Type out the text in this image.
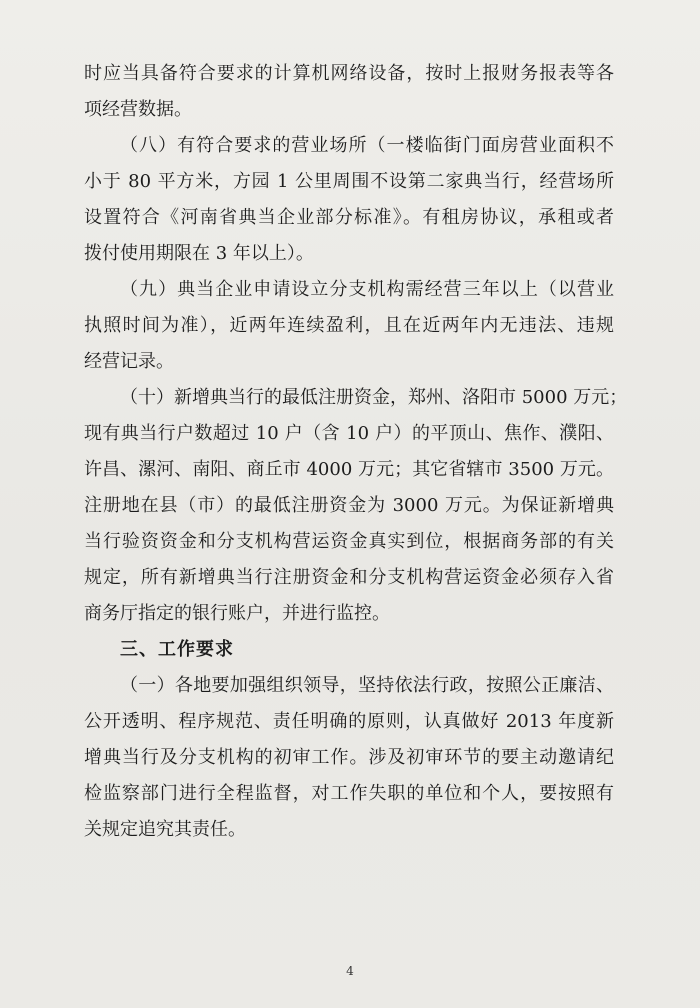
时应当具备符合要求的计算机网络设备，按时上报财务报表等各
项经营数据。
（八）有符合要求的营业场所（一楼临街门面房营业面积不
小于 80 平方米，方园 1 公里周围不设第二家典当行，经营场所
设置符合《河南省典当企业部分标准》。有租房协议，承租或者
拨付使用期限在 3 年以上）。
（九）典当企业申请设立分支机构需经营三年以上（以营业
执照时间为准），近两年连续盈利，且在近两年内无违法、违规
经营记录。
（十）新增典当行的最低注册资金，郑州、洛阳市 5000 万元；
现有典当行户数超过 10 户（含 10 户）的平顶山、焦作、濮阳、
许昌、漯河、南阳、商丘市 4000 万元；其它省辖市 3500 万元。
注册地在县（市）的最低注册资金为 3000 万元。为保证新增典
当行验资资金和分支机构营运资金真实到位，根据商务部的有关
规定，所有新增典当行注册资金和分支机构营运资金必须存入省
商务厅指定的银行账户，并进行监控。
三、工作要求
（一）各地要加强组织领导，坚持依法行政，按照公正廉洁、
公开透明、程序规范、责任明确的原则，认真做好 2013 年度新
增典当行及分支机构的初审工作。涉及初审环节的要主动邀请纪
检监察部门进行全程监督，对工作失职的单位和个人，要按照有
关规定追究其责任。
4
